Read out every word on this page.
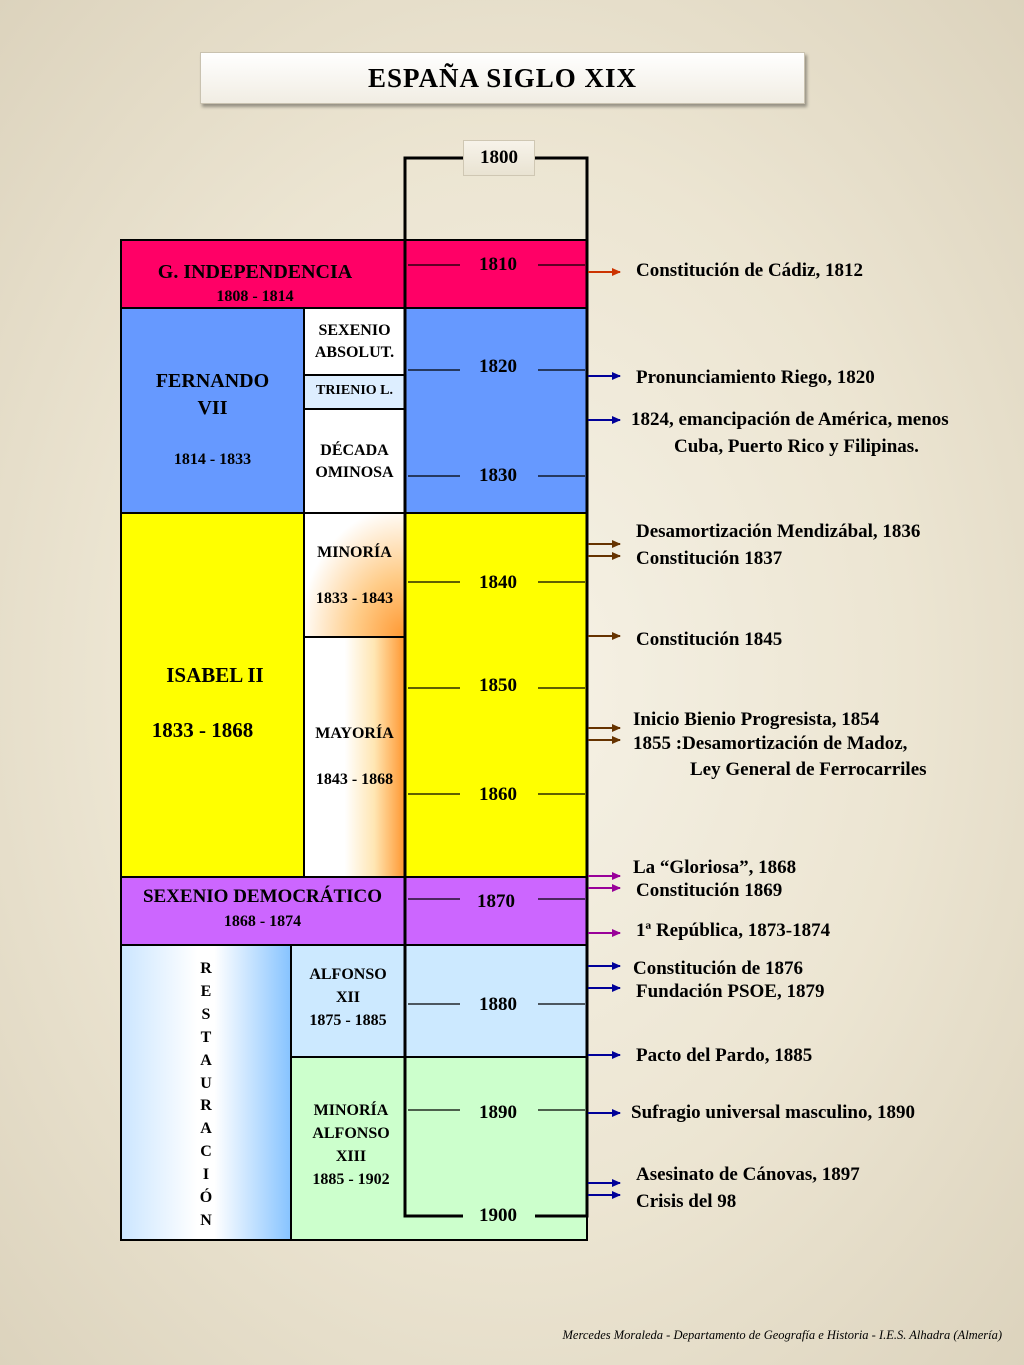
ESPAÑA SIGLO XIX
1800
G. INDEPENDENCIA
1808 - 1814
FERNANDO VII
1814 - 1833
SEXENIO ABSOLUT.
TRIENIO L.
DÉCADA OMINOSA
ISABEL II
1833 - 1868
MINORÍA
1833 - 1843
MAYORÍA
1843 - 1868
SEXENIO DEMOCRÁTICO
1868 - 1874
R
E
S
T
A
U
R
A
C
I
Ó
N
ALFONSO
XII
1875 - 1885
MINORÍA
ALFONSO
XIII
1885 - 1902
1810
1820
1830
1840
1850
1860
1870
1880
1890
1900
Constitución de Cádiz, 1812
Pronunciamiento Riego, 1820
1824, emancipación de América, menos
Cuba, Puerto Rico y Filipinas.
Desamortización Mendizábal, 1836
Constitución 1837
Constitución 1845
Inicio Bienio Progresista, 1854
1855 :Desamortización de Madoz,
Ley General de Ferrocarriles
La “Gloriosa”, 1868
Constitución 1869
1ª República, 1873-1874
Constitución de 1876
Fundación PSOE, 1879
Pacto del Pardo, 1885
Sufragio universal masculino, 1890
Asesinato de Cánovas, 1897
Crisis del 98
Mercedes Moraleda - Departamento de Geografía e Historia - I.E.S. Alhadra (Almería)
